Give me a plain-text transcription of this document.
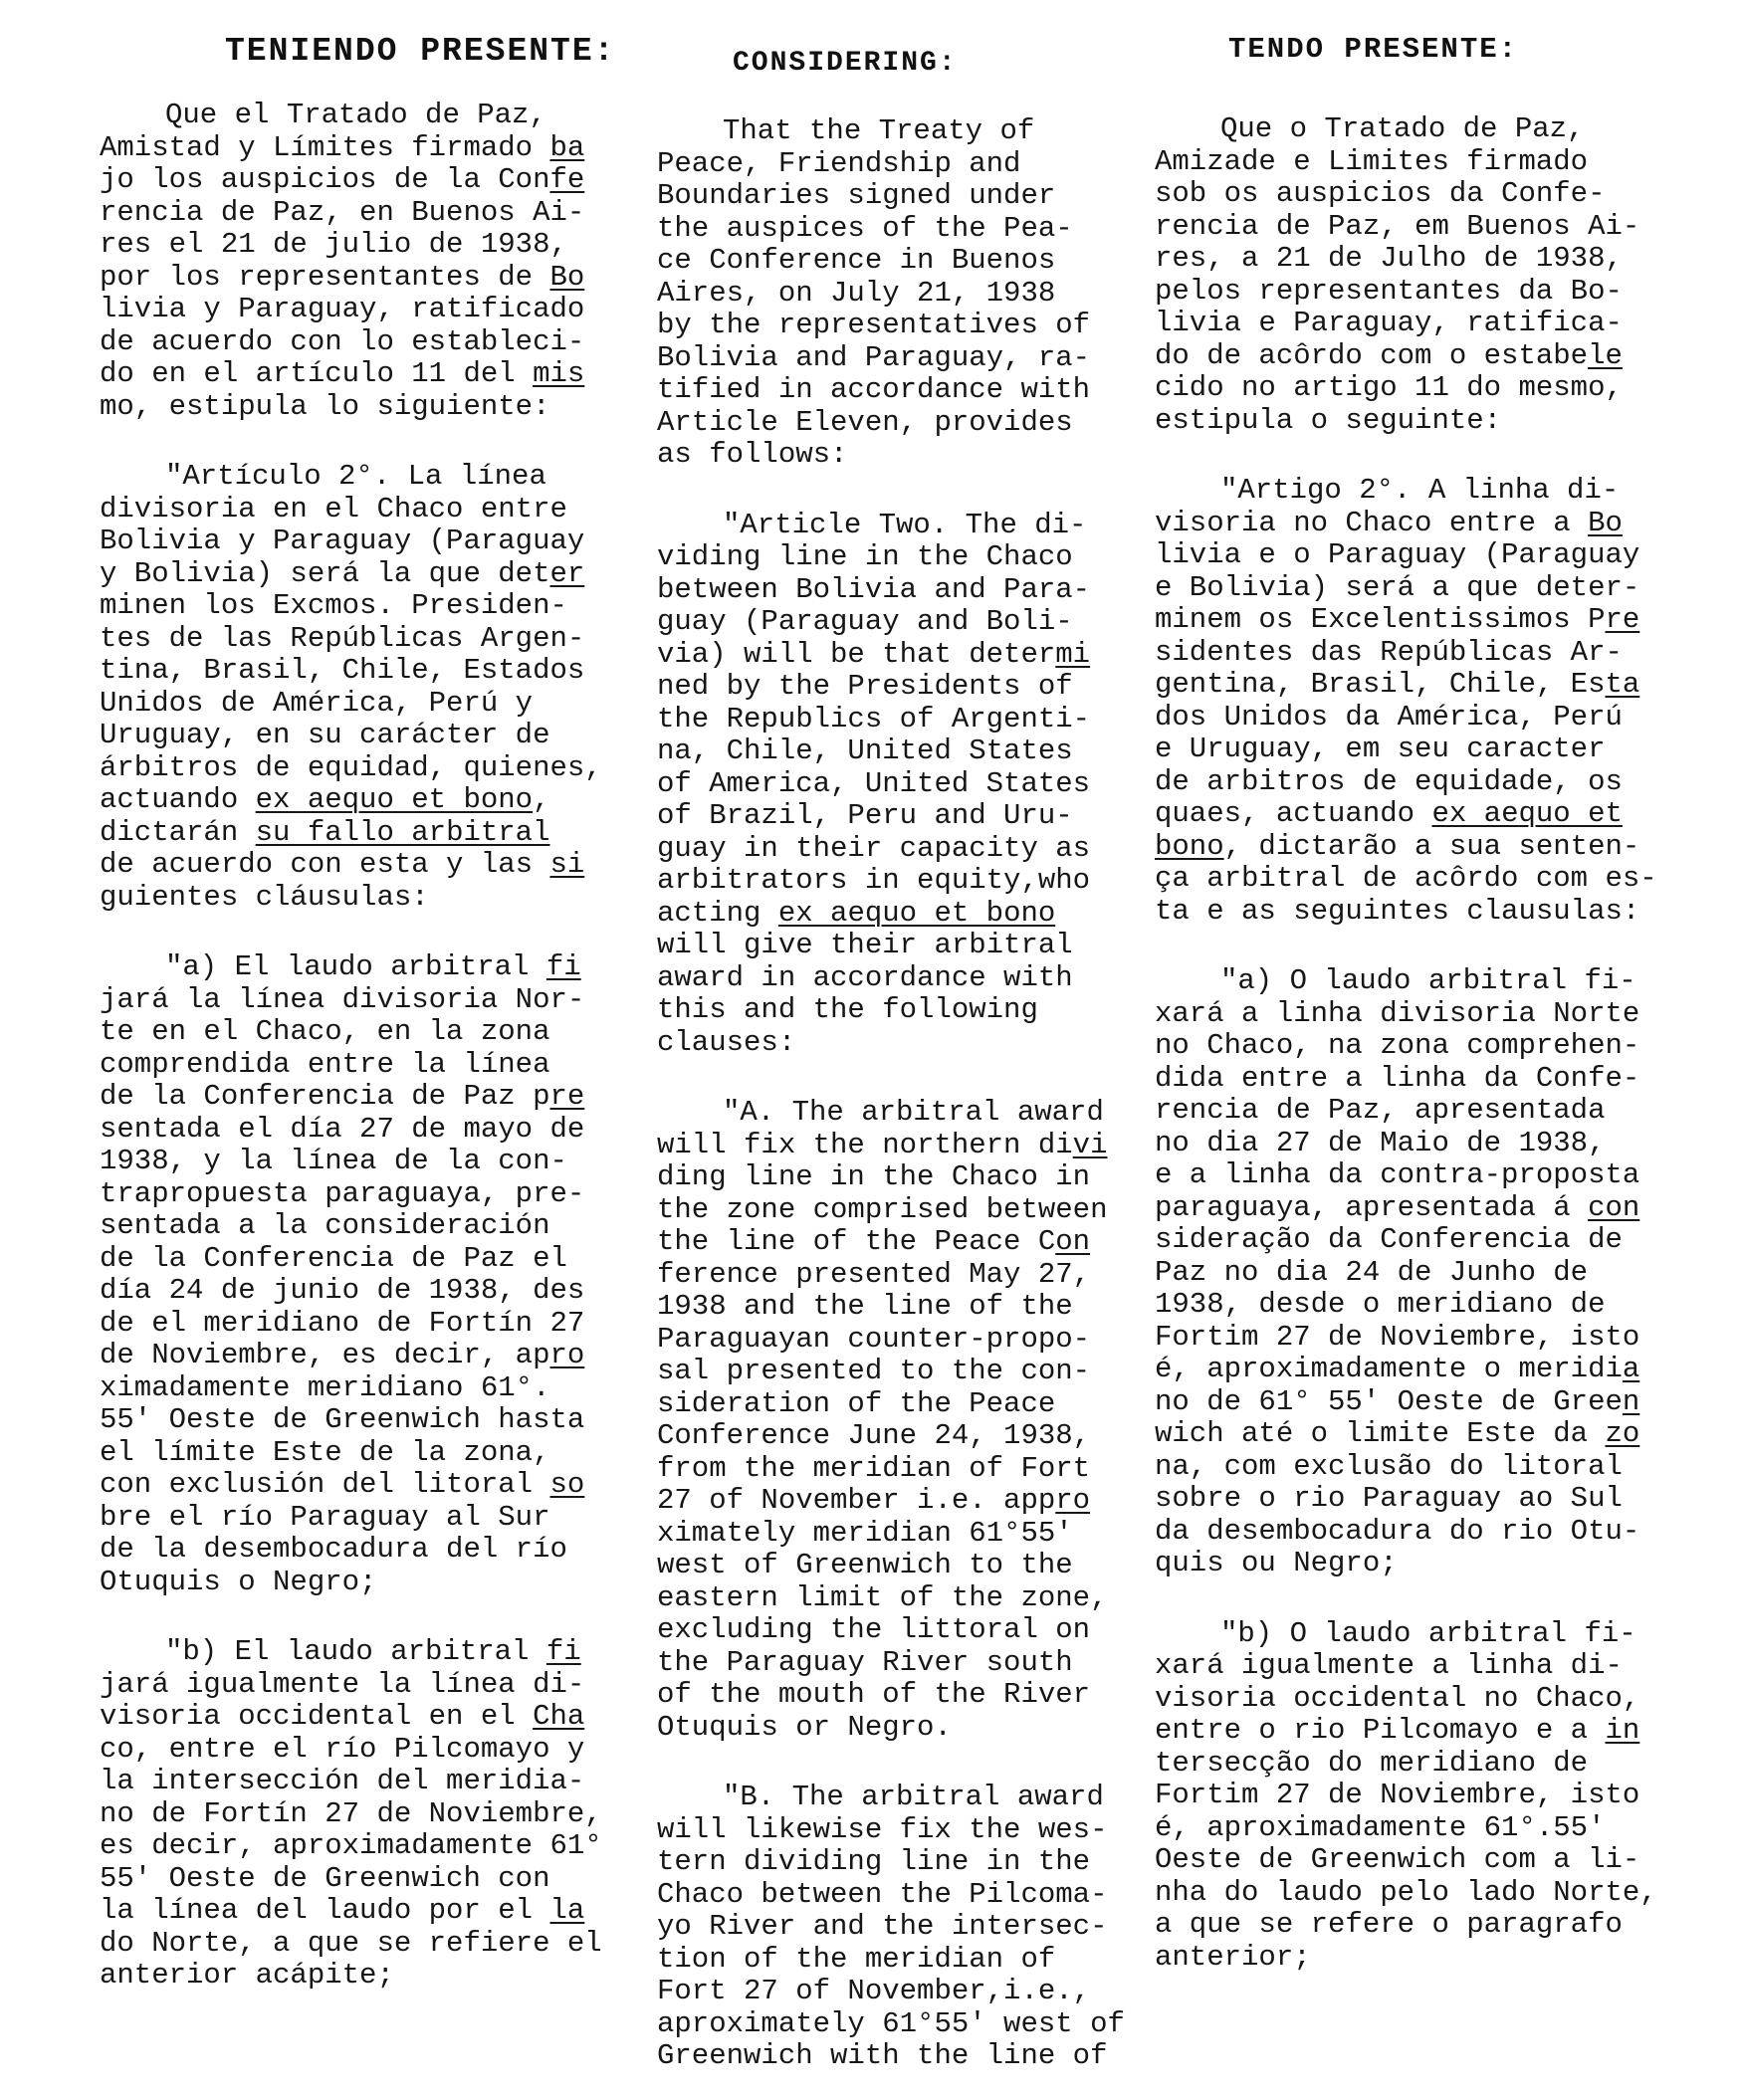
TENIENDO PRESENTE:
Que el Tratado de Paz,
Amistad y Límites firmado ba
jo los auspicios de la Confe
rencia de Paz, en Buenos Ai-
res el 21 de julio de 1938,
por los representantes de Bo
livia y Paraguay, ratificado
de acuerdo con lo estableci-
do en el artículo 11 del mis
mo, estipula lo siguiente:
"Artículo 2°. La línea
divisoria en el Chaco entre
Bolivia y Paraguay (Paraguay
y Bolivia) será la que deter
minen los Excmos. Presiden-
tes de las Repúblicas Argen-
tina, Brasil, Chile, Estados
Unidos de América, Perú y
Uruguay, en su carácter de
árbitros de equidad, quienes,
actuando ex aequo et bono,
dictarán su fallo arbitral
de acuerdo con esta y las si
guientes cláusulas:
"a) El laudo arbitral fi
jará la línea divisoria Nor-
te en el Chaco, en la zona
comprendida entre la línea
de la Conferencia de Paz pre
sentada el día 27 de mayo de
1938, y la línea de la con-
trapropuesta paraguaya, pre-
sentada a la consideración
de la Conferencia de Paz el
día 24 de junio de 1938, des
de el meridiano de Fortín 27
de Noviembre, es decir, apro
ximadamente meridiano 61°.
55' Oeste de Greenwich hasta
el límite Este de la zona,
con exclusión del litoral so
bre el río Paraguay al Sur
de la desembocadura del río
Otuquis o Negro;
"b) El laudo arbitral fi
jará igualmente la línea di-
visoria occidental en el Cha
co, entre el río Pilcomayo y
la intersección del meridia-
no de Fortín 27 de Noviembre,
es decir, aproximadamente 61°
55' Oeste de Greenwich con
la línea del laudo por el la
do Norte, a que se refiere el
anterior acápite;
CONSIDERING:
That the Treaty of
Peace, Friendship and
Boundaries signed under
the auspices of the Pea-
ce Conference in Buenos
Aires, on July 21, 1938
by the representatives of
Bolivia and Paraguay, ra-
tified in accordance with
Article Eleven, provides
as follows:
"Article Two. The di-
viding line in the Chaco
between Bolivia and Para-
guay (Paraguay and Boli-
via) will be that determi
ned by the Presidents of
the Republics of Argenti-
na, Chile, United States
of America, United States
of Brazil, Peru and Uru-
guay in their capacity as
arbitrators in equity,who
acting ex aequo et bono
will give their arbitral
award in accordance with
this and the following
clauses:
"A. The arbitral award
will fix the northern divi
ding line in the Chaco in
the zone comprised between
the line of the Peace Con
ference presented May 27,
1938 and the line of the
Paraguayan counter-propo-
sal presented to the con-
sideration of the Peace
Conference June 24, 1938,
from the meridian of Fort
27 of November i.e. appro
ximately meridian 61°55'
west of Greenwich to the
eastern limit of the zone,
excluding the littoral on
the Paraguay River south
of the mouth of the River
Otuquis or Negro.
"B. The arbitral award
will likewise fix the wes-
tern dividing line in the
Chaco between the Pilcoma-
yo River and the intersec-
tion of the meridian of
Fort 27 of November,i.e.,
aproximately 61°55' west of
Greenwich with the line of
TENDO PRESENTE:
Que o Tratado de Paz,
Amizade e Limites firmado
sob os auspicios da Confe-
rencia de Paz, em Buenos Ai-
res, a 21 de Julho de 1938,
pelos representantes da Bo-
livia e Paraguay, ratifica-
do de acôrdo com o estabele
cido no artigo 11 do mesmo,
estipula o seguinte:
"Artigo 2°. A linha di-
visoria no Chaco entre a Bo
livia e o Paraguay (Paraguay
e Bolivia) será a que deter-
minem os Excelentissimos Pre
sidentes das Repúblicas Ar-
gentina, Brasil, Chile, Esta
dos Unidos da América, Perú
e Uruguay, em seu caracter
de arbitros de equidade, os
quaes, actuando ex aequo et
bono, dictarão a sua senten-
ça arbitral de acôrdo com es-
ta e as seguintes clausulas:
"a) O laudo arbitral fi-
xará a linha divisoria Norte
no Chaco, na zona comprehen-
dida entre a linha da Confe-
rencia de Paz, apresentada
no dia 27 de Maio de 1938,
e a linha da contra-proposta
paraguaya, apresentada á con
sideração da Conferencia de
Paz no dia 24 de Junho de
1938, desde o meridiano de
Fortim 27 de Noviembre, isto
é, aproximadamente o meridia
no de 61° 55' Oeste de Green
wich até o limite Este da zo
na, com exclusão do litoral
sobre o rio Paraguay ao Sul
da desembocadura do rio Otu-
quis ou Negro;
"b) O laudo arbitral fi-
xará igualmente a linha di-
visoria occidental no Chaco,
entre o rio Pilcomayo e a in
tersecção do meridiano de
Fortim 27 de Noviembre, isto
é, aproximadamente 61°.55'
Oeste de Greenwich com a li-
nha do laudo pelo lado Norte,
a que se refere o paragrafo
anterior;
